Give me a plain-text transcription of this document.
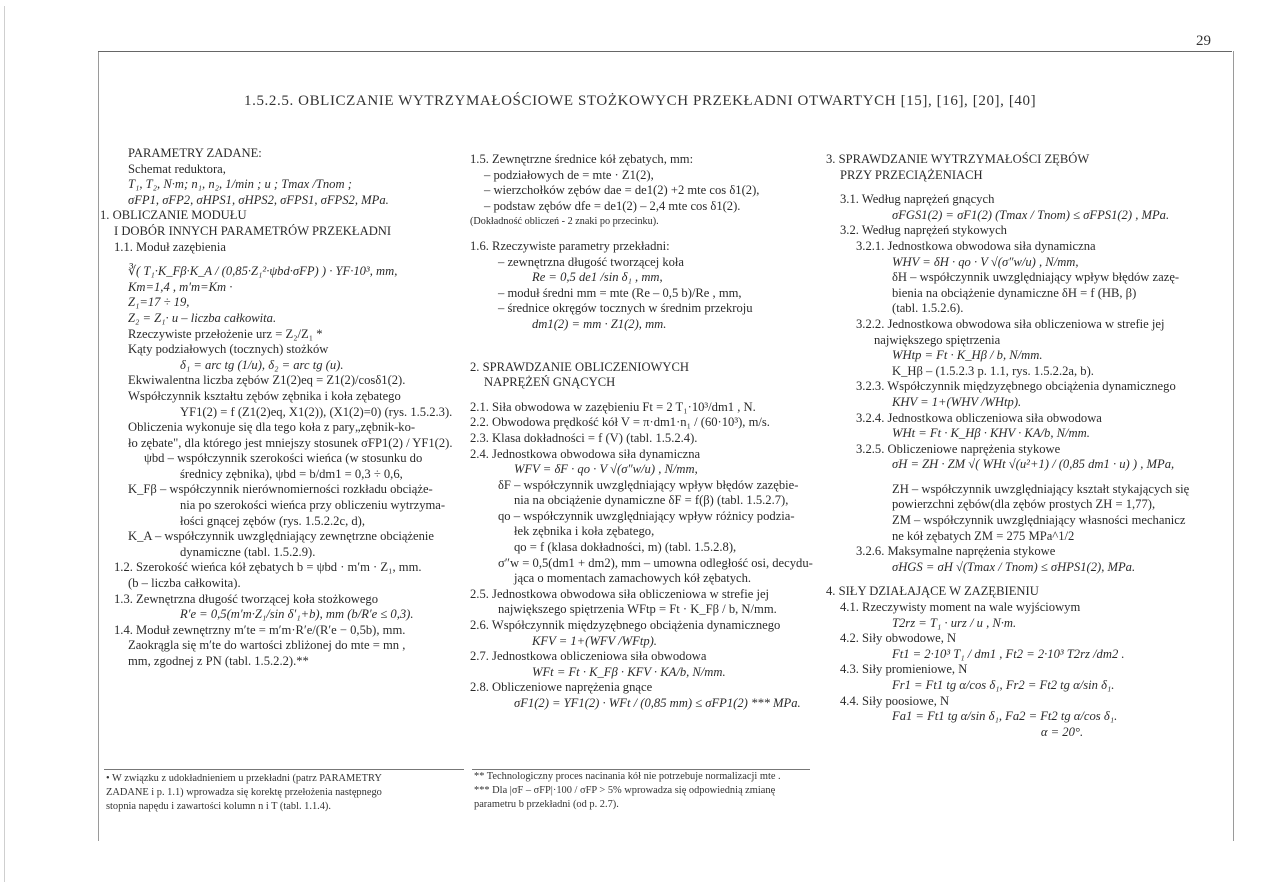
29
1.5.2.5. OBLICZANIE WYTRZYMAŁOŚCIOWE STOŻKOWYCH PRZEKŁADNI OTWARTYCH [15], [16], [20], [40]
PARAMETRY ZADANE:
Schemat reduktora,
T₁, T₂, N·m; n₁, n₂, 1/min ; u ; Tmax /Tnom ;
σFP1, σFP2, σHPS1, σHPS2, σFPS1, σFPS2, MPa.
1. OBLICZANIE MODUŁU
I DOBÓR INNYCH PARAMETRÓW PRZEKŁADNI
1.1. Moduł zazębienia
∛( T₁·K_Fβ·K_A / (0,85·Z₁²·ψbd·σFP) ) · YF·10³, mm,
Km=1,4 , m′m=Km ·
Z₁=17 ÷ 19,
Z₂ = Z₁· u – liczba całkowita.
Rzeczywiste przełożenie urz = Z₂/Z₁ *
Kąty podziałowych (tocznych) stożków
δ₁ = arc tg (1/u), δ₂ = arc tg (u).
Ekwiwalentna liczba zębów Z1(2)eq = Z1(2)/cosδ1(2).
Współczynnik kształtu zębów zębnika i koła zębatego
YF1(2) = f (Z1(2)eq, X1(2)), (X1(2)=0) (rys. 1.5.2.3).
Obliczenia wykonuje się dla tego koła z pary„zębnik-ko-
ło zębate", dla którego jest mniejszy stosunek σFP1(2) / YF1(2).
ψbd – współczynnik szerokości wieńca (w stosunku do
średnicy zębnika), ψbd = b/dm1 = 0,3 ÷ 0,6,
K_Fβ – współczynnik nierównomierności rozkładu obciąże-
nia po szerokości wieńca przy obliczeniu wytrzyma-
łości gnącej zębów (rys. 1.5.2.2c, d),
K_A – współczynnik uwzględniający zewnętrzne obciążenie
dynamiczne (tabl. 1.5.2.9).
1.2. Szerokość wieńca kół zębatych b = ψbd · m′m · Z₁, mm.
(b – liczba całkowita).
1.3. Zewnętrzna długość tworzącej koła stożkowego
R′e = 0,5(m′m·Z₁/sin δ′₁+b), mm (b/R′e ≤ 0,3).
1.4. Moduł zewnętrzny m′te = m′m·R′e/(R′e − 0,5b), mm.
Zaokrągla się m′te do wartości zbliżonej do mte = mn ,
mm, zgodnej z PN (tabl. 1.5.2.2).**
1.5. Zewnętrzne średnice kół zębatych, mm:
– podziałowych de = mte · Z1(2),
– wierzchołków zębów dae = de1(2) +2 mte cos δ1(2),
– podstaw zębów dfe = de1(2) – 2,4 mte cos δ1(2).
(Dokładność obliczeń - 2 znaki po przecinku).
1.6. Rzeczywiste parametry przekładni:
– zewnętrzna długość tworzącej koła
Re = 0,5 de1 /sin δ₁ , mm,
– moduł średni mm = mte (Re – 0,5 b)/Re , mm,
– średnice okręgów tocznych w średnim przekroju
dm1(2) = mm · Z1(2), mm.
2. SPRAWDZANIE OBLICZENIOWYCH
NAPRĘŻEŃ GNĄCYCH
2.1. Siła obwodowa w zazębieniu Ft = 2 T₁·10³/dm1 , N.
2.2. Obwodowa prędkość kół V = π·dm1·n₁ / (60·10³), m/s.
2.3. Klasa dokładności = f (V) (tabl. 1.5.2.4).
2.4. Jednostkowa obwodowa siła dynamiczna
WFV = δF · qo · V √(σ″w/u) , N/mm,
δF – współczynnik uwzględniający wpływ błędów zazębie-
nia na obciążenie dynamiczne δF = f(β) (tabl. 1.5.2.7),
qo – współczynnik uwzględniający wpływ różnicy podzia-
łek zębnika i koła zębatego,
qo = f (klasa dokładności, m) (tabl. 1.5.2.8),
σ″w = 0,5(dm1 + dm2), mm – umowna odległość osi, decydu-
jąca o momentach zamachowych kół zębatych.
2.5. Jednostkowa obwodowa siła obliczeniowa w strefie jej
największego spiętrzenia WFtp = Ft · K_Fβ / b, N/mm.
2.6. Współczynnik międzyzębnego obciążenia dynamicznego
KFV = 1+(WFV /WFtp).
2.7. Jednostkowa obliczeniowa siła obwodowa
WFt = Ft · K_Fβ · KFV · KA/b, N/mm.
2.8. Obliczeniowe naprężenia gnące
σF1(2) = YF1(2) · WFt / (0,85 mm) ≤ σFP1(2) *** MPa.
3. SPRAWDZANIE WYTRZYMAŁOŚCI ZĘBÓW
PRZY PRZECIĄŻENIACH
3.1. Według naprężeń gnących
σFGS1(2) = σF1(2) (Tmax / Tnom) ≤ σFPS1(2) , MPa.
3.2. Według naprężeń stykowych
3.2.1. Jednostkowa obwodowa siła dynamiczna
WHV = δH · qo · V √(σ″w/u) , N/mm,
δH – współczynnik uwzględniający wpływ błędów zazę-
bienia na obciążenie dynamiczne δH = f (HB, β)
(tabl. 1.5.2.6).
3.2.2. Jednostkowa obwodowa siła obliczeniowa w strefie jej
największego spiętrzenia
WHtp = Ft · K_Hβ / b, N/mm.
K_Hβ – (1.5.2.3 p. 1.1, rys. 1.5.2.2a, b).
3.2.3. Współczynnik międzyzębnego obciążenia dynamicznego
KHV = 1+(WHV /WHtp).
3.2.4. Jednostkowa obliczeniowa siła obwodowa
WHt = Ft · K_Hβ · KHV · KA/b, N/mm.
3.2.5. Obliczeniowe naprężenia stykowe
σH = ZH · ZM √( WHt √(u²+1) / (0,85 dm1 · u) ) , MPa,
ZH – współczynnik uwzględniający kształt stykających się
powierzchni zębów(dla zębów prostych ZH = 1,77),
ZM – współczynnik uwzględniający własności mechanicz
ne kół zębatych ZM = 275 MPa^1/2
3.2.6. Maksymalne naprężenia stykowe
σHGS = σH √(Tmax / Tnom) ≤ σHPS1(2), MPa.
4. SIŁY DZIAŁAJĄCE W ZAZĘBIENIU
4.1. Rzeczywisty moment na wale wyjściowym
T2rz = T₁ · urz / u , N·m.
4.2. Siły obwodowe, N
Ft1 = 2·10³ T₁ / dm1 , Ft2 = 2·10³ T2rz /dm2 .
4.3. Siły promieniowe, N
Fr1 = Ft1 tg α/cos δ₁, Fr2 = Ft2 tg α/sin δ₁.
4.4. Siły poosiowe, N
Fa1 = Ft1 tg α/sin δ₁, Fa2 = Ft2 tg α/cos δ₁.
α = 20°.
• W związku z udokładnieniem u przekładni (patrz PARAMETRY
ZADANE i p. 1.1) wprowadza się korektę przełożenia następnego
stopnia napędu i zawartości kolumn n i T (tabl. 1.1.4).
** Technologiczny proces nacinania kół nie potrzebuje normalizacji mte .
*** Dla |σF – σFP|·100 / σFP > 5% wprowadza się odpowiednią zmianę
parametru b przekładni (od p. 2.7).
